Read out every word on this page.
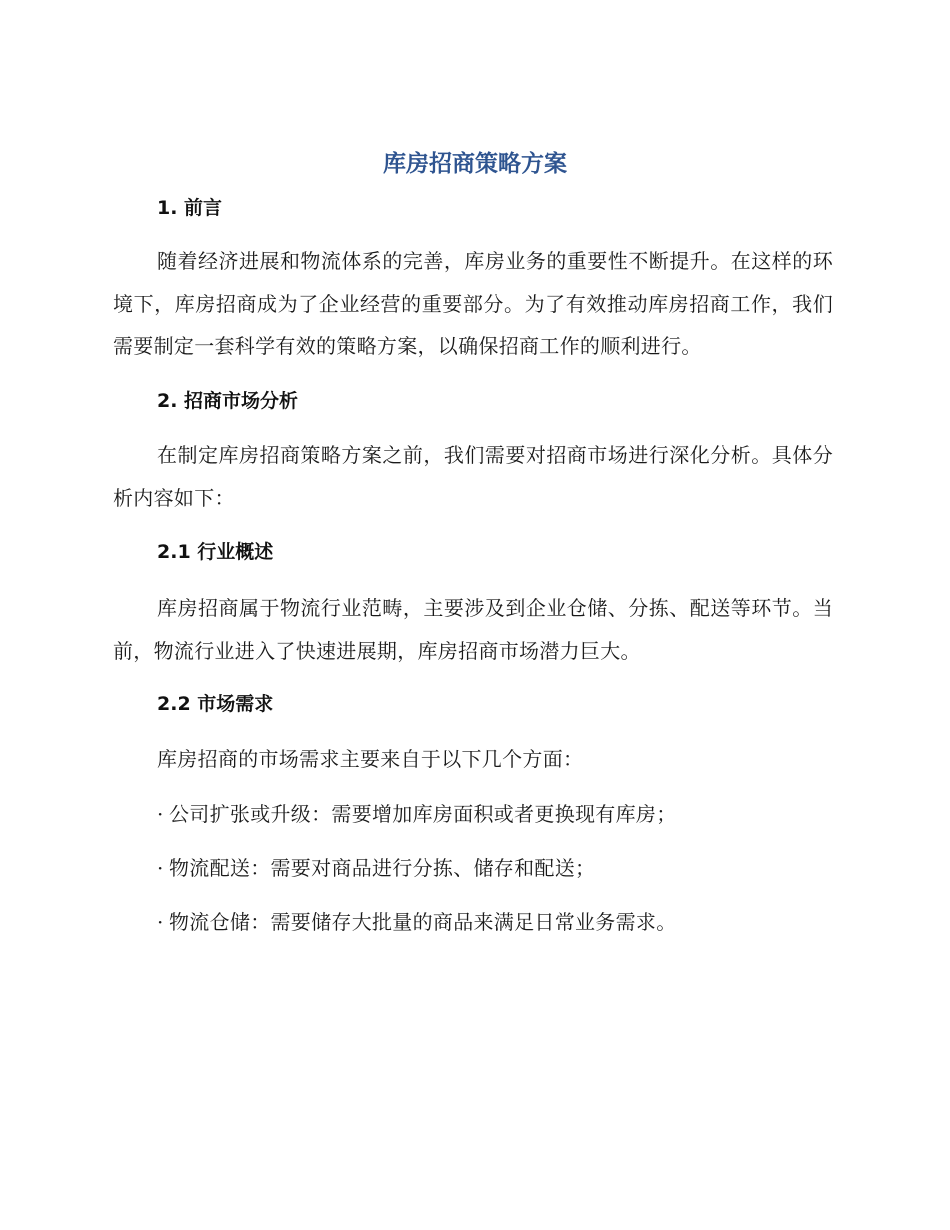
库房招商策略方案
1. 前言

随着经济进展和物流体系的完善，库房业务的重要性不断提升。在这样的环境下，库房招商成为了企业经营的重要部分。为了有效推动库房招商工作，我们需要制定一套科学有效的策略方案，以确保招商工作的顺利进行。

2. 招商市场分析

在制定库房招商策略方案之前，我们需要对招商市场进行深化分析。具体分析内容如下：

2.1 行业概述

库房招商属于物流行业范畴，主要涉及到企业仓储、分拣、配送等环节。当前，物流行业进入了快速进展期，库房招商市场潜力巨大。

2.2 市场需求

库房招商的市场需求主要来自于以下几个方面：

· 公司扩张或升级：需要增加库房面积或者更换现有库房；

· 物流配送：需要对商品进行分拣、储存和配送；

· 物流仓储：需要储存大批量的商品来满足日常业务需求。
